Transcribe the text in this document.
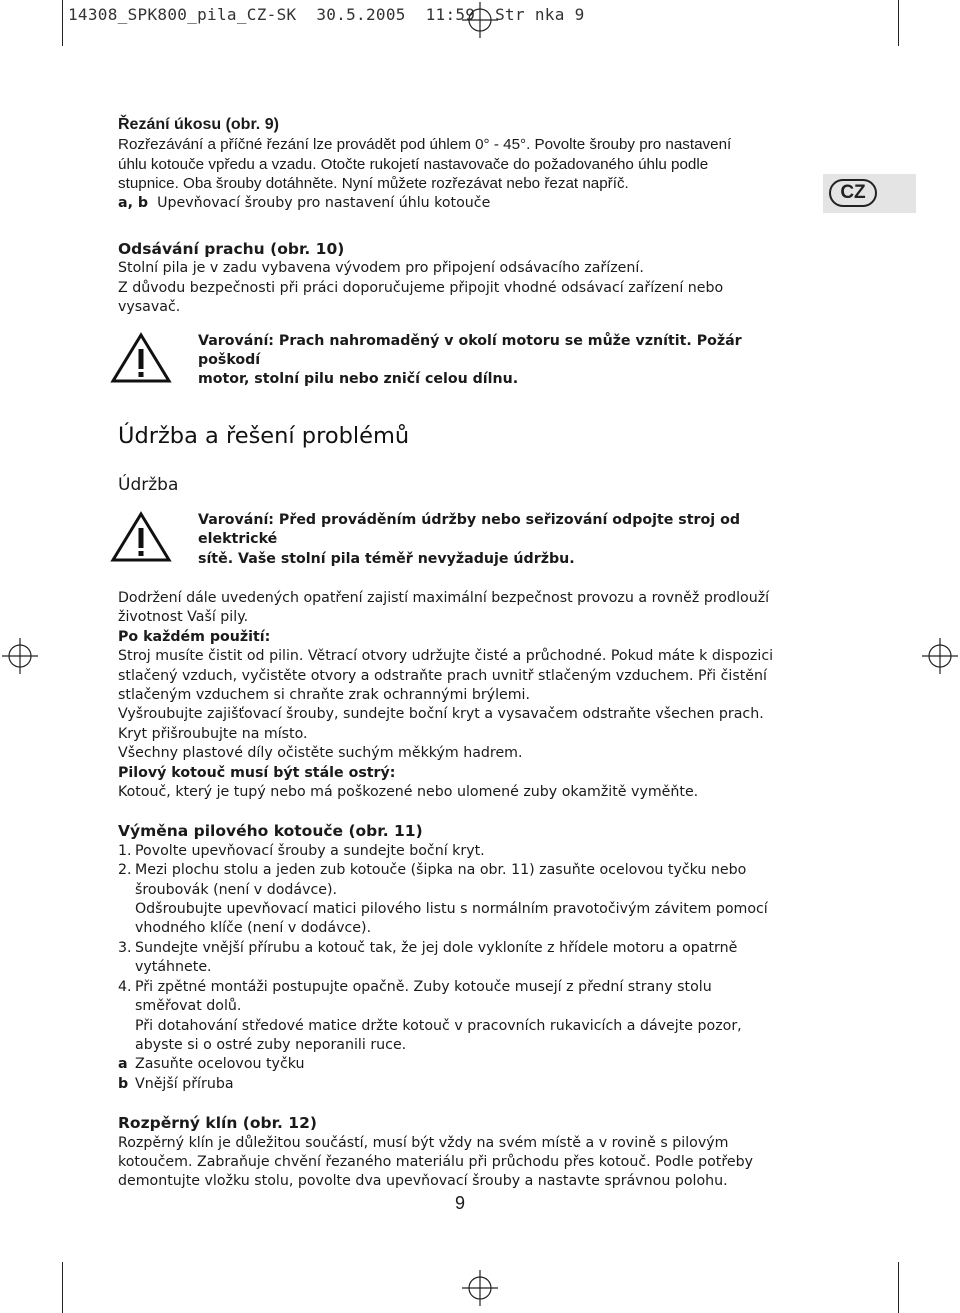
14308_SPK800_pila_CZ-SK  30.5.2005  11:59  Str nka 9
CZ

Řezání úkosu (obr. 9)

Rozřezávání a příčné řezání lze provádět pod úhlem 0° - 45°. Povolte šrouby pro nastavení

úhlu kotouče vpředu a vzadu. Otočte rukojetí nastavovače do požadovaného úhlu podle

stupnice. Oba šrouby dotáhněte. Nyní můžete rozřezávat nebo řezat napříč.

a, b Upevňovací šrouby pro nastavení úhlu kotouče

Odsávání prachu (obr. 10)

Stolní pila je v zadu vybavena vývodem pro připojení odsávacího zařízení.

Z důvodu bezpečnosti při práci doporučujeme připojit vhodné odsávací zařízení nebo

vysavač.

Varování: Prach nahromaděný v okolí motoru se může vznítit. Požár poškodí

motor, stolní pilu nebo zničí celou dílnu.

Údržba a řešení problémů

Údržba

Varování: Před prováděním údržby nebo seřizování odpojte stroj od elektrické

sítě. Vaše stolní pila téměř nevyžaduje údržbu.

Dodržení dále uvedených opatření zajistí maximální bezpečnost provozu a rovněž prodlouží

životnost Vaší pily.

Po každém použití:

Stroj musíte čistit od pilin. Větrací otvory udržujte čisté a průchodné. Pokud máte k dispozici

stlačený vzduch, vyčistěte otvory a odstraňte prach uvnitř stlačeným vzduchem. Při čistění

stlačeným vzduchem si chraňte zrak ochrannými brýlemi.

Vyšroubujte zajišťovací šrouby, sundejte boční kryt a vysavačem odstraňte všechen prach.

Kryt přišroubujte na místo.

Všechny plastové díly očistěte suchým měkkým hadrem.

Pilový kotouč musí být stále ostrý:

Kotouč, který je tupý nebo má poškozené nebo ulomené zuby okamžitě vyměňte.

Výměna pilového kotouče (obr. 11)

1. Povolte upevňovací šrouby a sundejte boční kryt.

2. Mezi plochu stolu a jeden zub kotouče (šipka na obr. 11) zasuňte ocelovou tyčku nebo

šroubovák (není v dodávce).

Odšroubujte upevňovací matici pilového listu s normálním pravotočivým závitem pomocí

vhodného klíče (není v dodávce).

3. Sundejte vnější přírubu a kotouč tak, že jej dole vykloníte z hřídele motoru a opatrně

vytáhnete.

4. Při zpětné montáži postupujte opačně. Zuby kotouče musejí z přední strany stolu

směřovat dolů.

Při dotahování středové matice držte kotouč v pracovních rukavicích a dávejte pozor,

abyste si o ostré zuby neporanili ruce.

a Zasuňte ocelovou tyčku
b Vnější příruba

Rozpěrný klín (obr. 12)

Rozpěrný klín je důležitou součástí, musí být vždy na svém místě a v rovině s pilovým

kotoučem. Zabraňuje chvění řezaného materiálu při průchodu přes kotouč. Podle potřeby

demontujte vložku stolu, povolte dva upevňovací šrouby a nastavte správnou polohu.

9
